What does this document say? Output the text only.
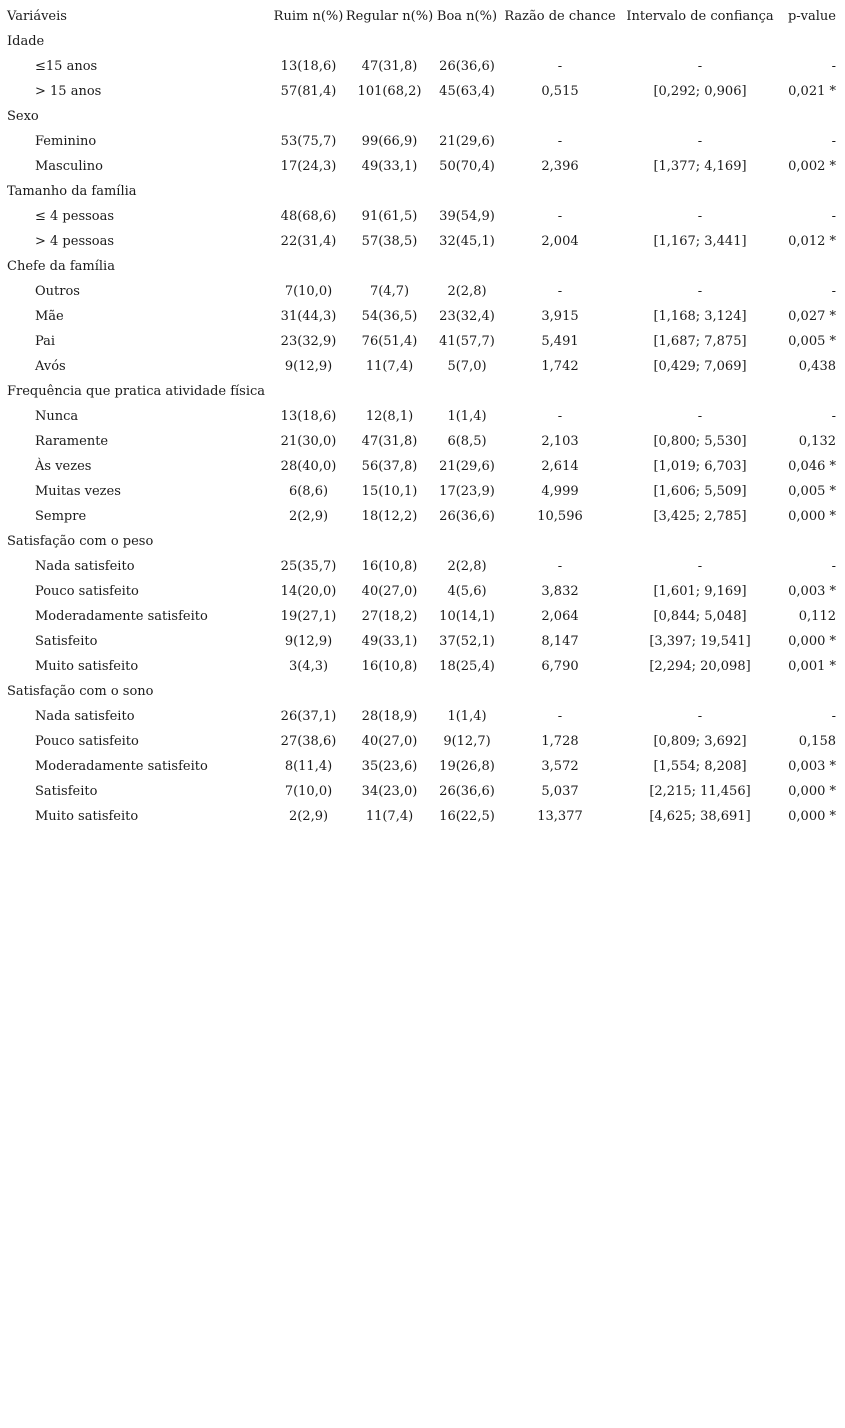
Variáveis	Ruim n(%)	Regular n(%)	Boa n(%)	Razão de chance	Intervalo de confiança	p-value
Idade						
≤15 anos	13(18,6)	47(31,8)	26(36,6)	-	-	-
> 15 anos	57(81,4)	101(68,2)	45(63,4)	0,515	[0,292; 0,906]	0,021 *
Sexo						
Feminino	53(75,7)	99(66,9)	21(29,6)	-	-	-
Masculino	17(24,3)	49(33,1)	50(70,4)	2,396	[1,377; 4,169]	0,002 *
Tamanho da família						
≤ 4 pessoas	48(68,6)	91(61,5)	39(54,9)	-	-	-
> 4 pessoas	22(31,4)	57(38,5)	32(45,1)	2,004	[1,167; 3,441]	0,012 *
Chefe da família						
Outros	7(10,0)	7(4,7)	2(2,8)	-	-	-
Mãe	31(44,3)	54(36,5)	23(32,4)	3,915	[1,168; 3,124]	0,027 *
Pai	23(32,9)	76(51,4)	41(57,7)	5,491	[1,687; 7,875]	0,005 *
Avós	9(12,9)	11(7,4)	5(7,0)	1,742	[0,429; 7,069]	0,438
Frequência que pratica atividade física						
Nunca	13(18,6)	12(8,1)	1(1,4)	-	-	-
Raramente	21(30,0)	47(31,8)	6(8,5)	2,103	[0,800; 5,530]	0,132
Às vezes	28(40,0)	56(37,8)	21(29,6)	2,614	[1,019; 6,703]	0,046 *
Muitas vezes	6(8,6)	15(10,1)	17(23,9)	4,999	[1,606; 5,509]	0,005 *
Sempre	2(2,9)	18(12,2)	26(36,6)	10,596	[3,425; 2,785]	0,000 *
Satisfação com o peso						
Nada satisfeito	25(35,7)	16(10,8)	2(2,8)	-	-	-
Pouco satisfeito	14(20,0)	40(27,0)	4(5,6)	3,832	[1,601; 9,169]	0,003 *
Moderadamente satisfeito	19(27,1)	27(18,2)	10(14,1)	2,064	[0,844; 5,048]	0,112
Satisfeito	9(12,9)	49(33,1)	37(52,1)	8,147	[3,397; 19,541]	0,000 *
Muito satisfeito	3(4,3)	16(10,8)	18(25,4)	6,790	[2,294; 20,098]	0,001 *
Satisfação com o sono						
Nada satisfeito	26(37,1)	28(18,9)	1(1,4)	-	-	-
Pouco satisfeito	27(38,6)	40(27,0)	9(12,7)	1,728	[0,809; 3,692]	0,158
Moderadamente satisfeito	8(11,4)	35(23,6)	19(26,8)	3,572	[1,554; 8,208]	0,003 *
Satisfeito	7(10,0)	34(23,0)	26(36,6)	5,037	[2,215; 11,456]	0,000 *
Muito satisfeito	2(2,9)	11(7,4)	16(22,5)	13,377	[4,625; 38,691]	0,000 *
